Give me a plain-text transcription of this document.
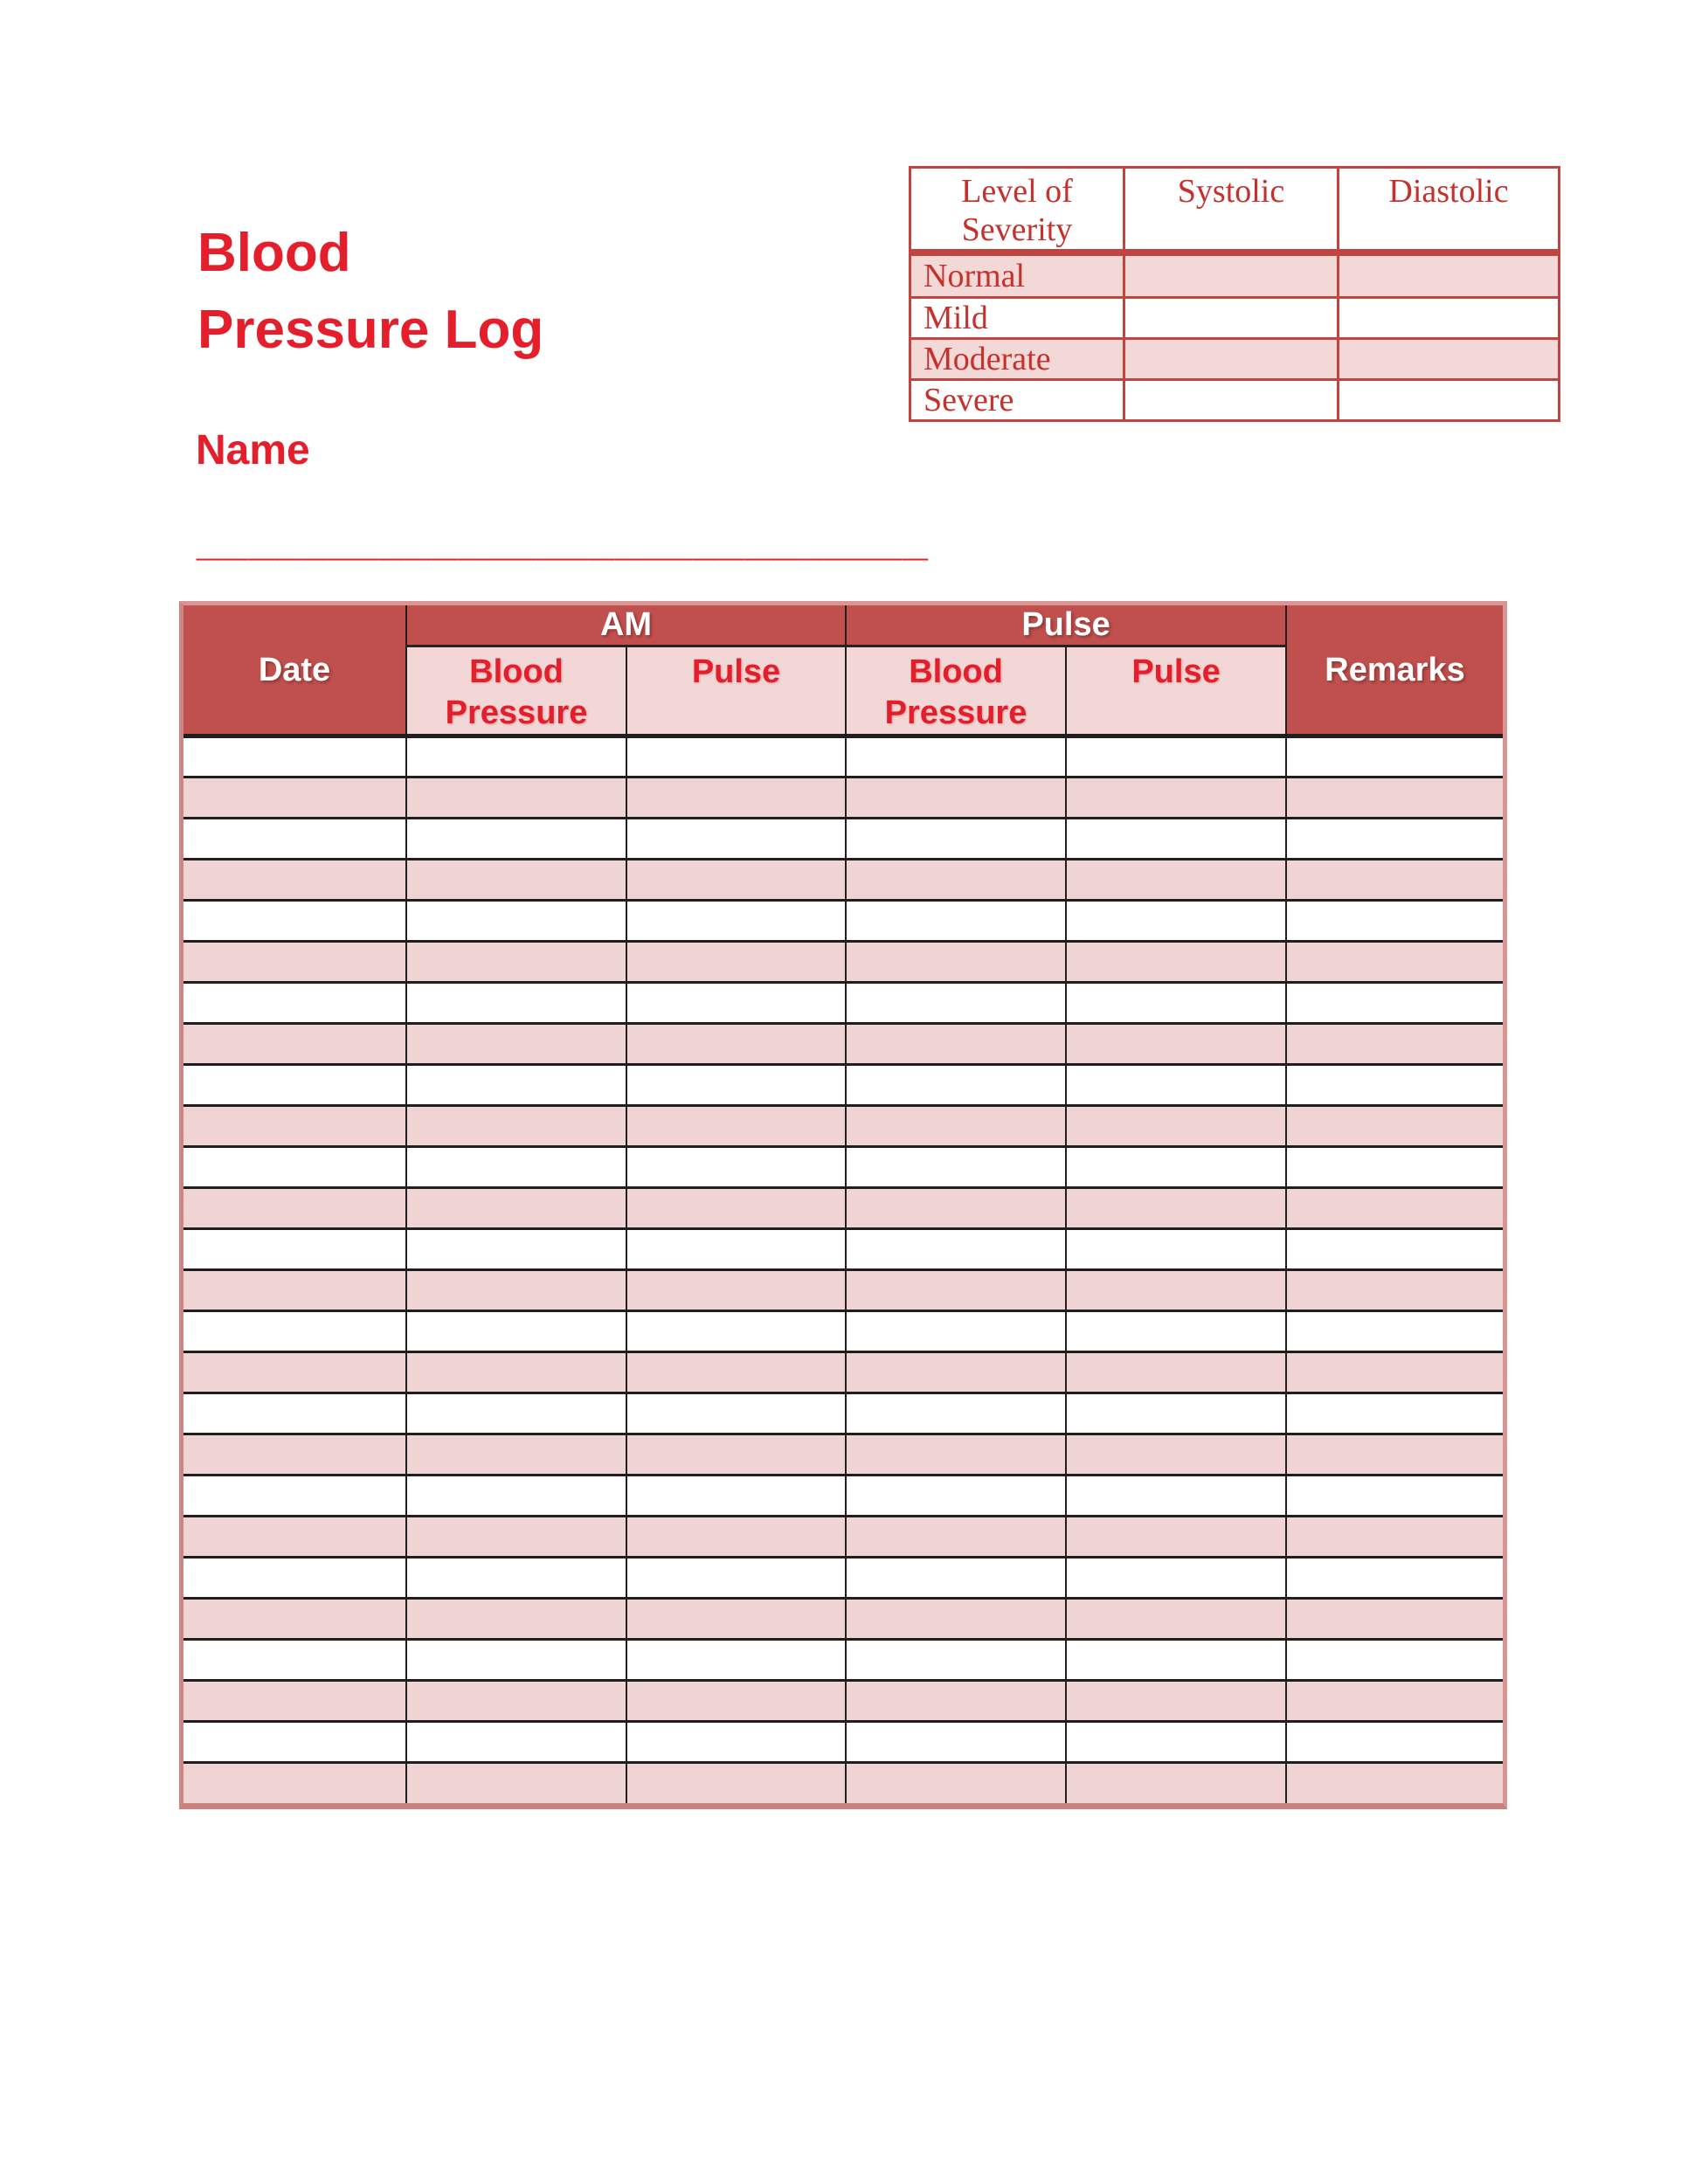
Blood
Pressure Log
Level of Severity	Systolic	Diastolic
Normal		
Mild		
Moderate		
Severe		
Name
____________________________
Date	AM		Pulse		Remarks
	Blood Pressure	Pulse	Blood Pressure	Pulse	
